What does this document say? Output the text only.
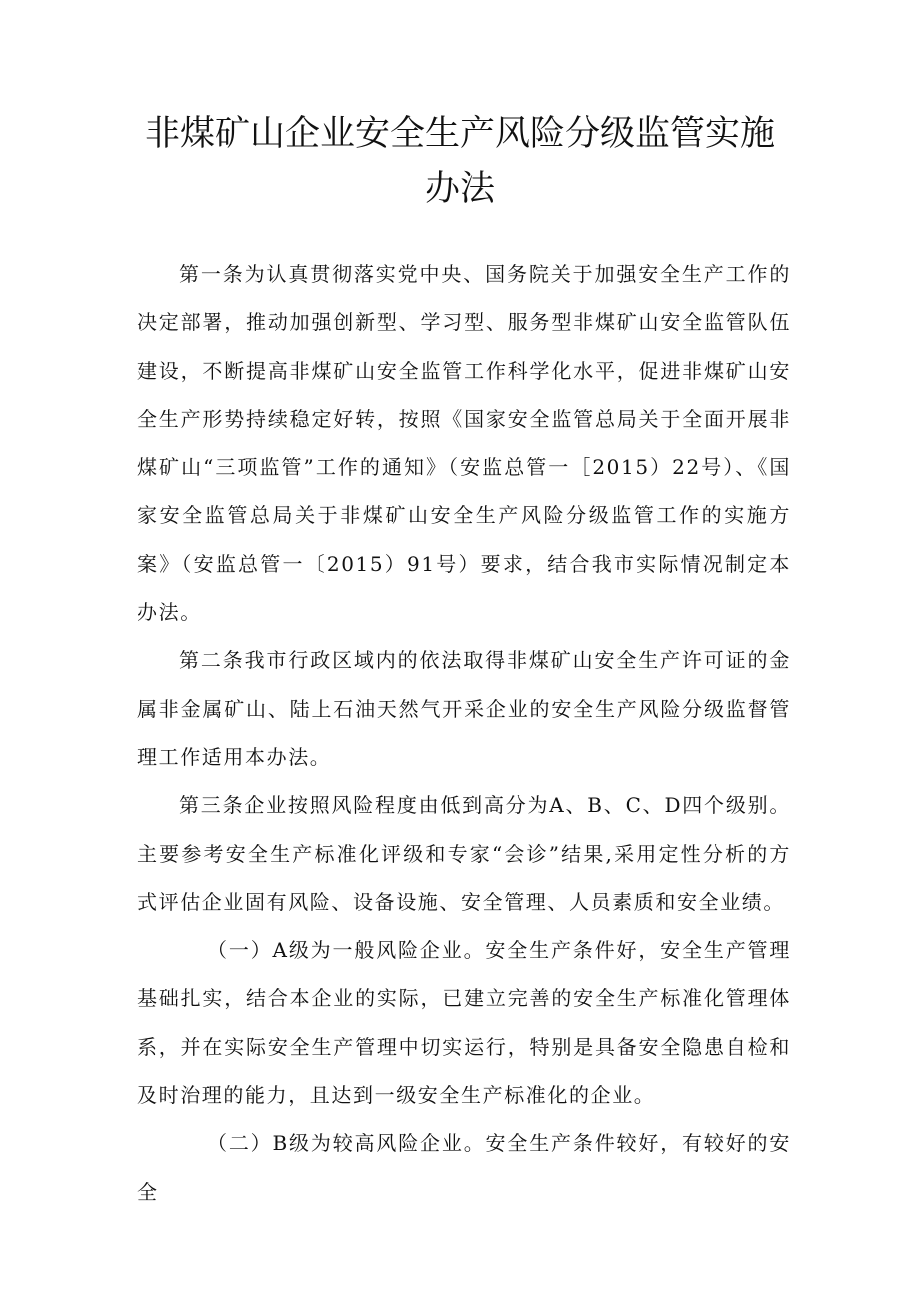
非煤矿山企业安全生产风险分级监管实施
办法

第一条为认真贯彻落实党中央、国务院关于加强安全生产工作的决定部署，推动加强创新型、学习型、服务型非煤矿山安全监管队伍建设，不断提高非煤矿山安全监管工作科学化水平，促进非煤矿山安全生产形势持续稳定好转，按照《国家安全监管总局关于全面开展非煤矿山“三项监管”工作的通知》（安监总管一［2015）22号）、《国家安全监管总局关于非煤矿山安全生产风险分级监管工作的实施方案》（安监总管一〔2015）91号）要求，结合我市实际情况制定本办法。

第二条我市行政区域内的依法取得非煤矿山安全生产许可证的金属非金属矿山、陆上石油天然气开采企业的安全生产风险分级监督管理工作适用本办法。

第三条企业按照风险程度由低到高分为A、B、C、D四个级别。主要参考安全生产标准化评级和专家“会诊”结果,采用定性分析的方式评估企业固有风险、设备设施、安全管理、人员素质和安全业绩。

（一）A级为一般风险企业。安全生产条件好，安全生产管理基础扎实，结合本企业的实际，已建立完善的安全生产标准化管理体系，并在实际安全生产管理中切实运行，特别是具备安全隐患自检和及时治理的能力，且达到一级安全生产标准化的企业。

（二）B级为较高风险企业。安全生产条件较好，有较好的安全
